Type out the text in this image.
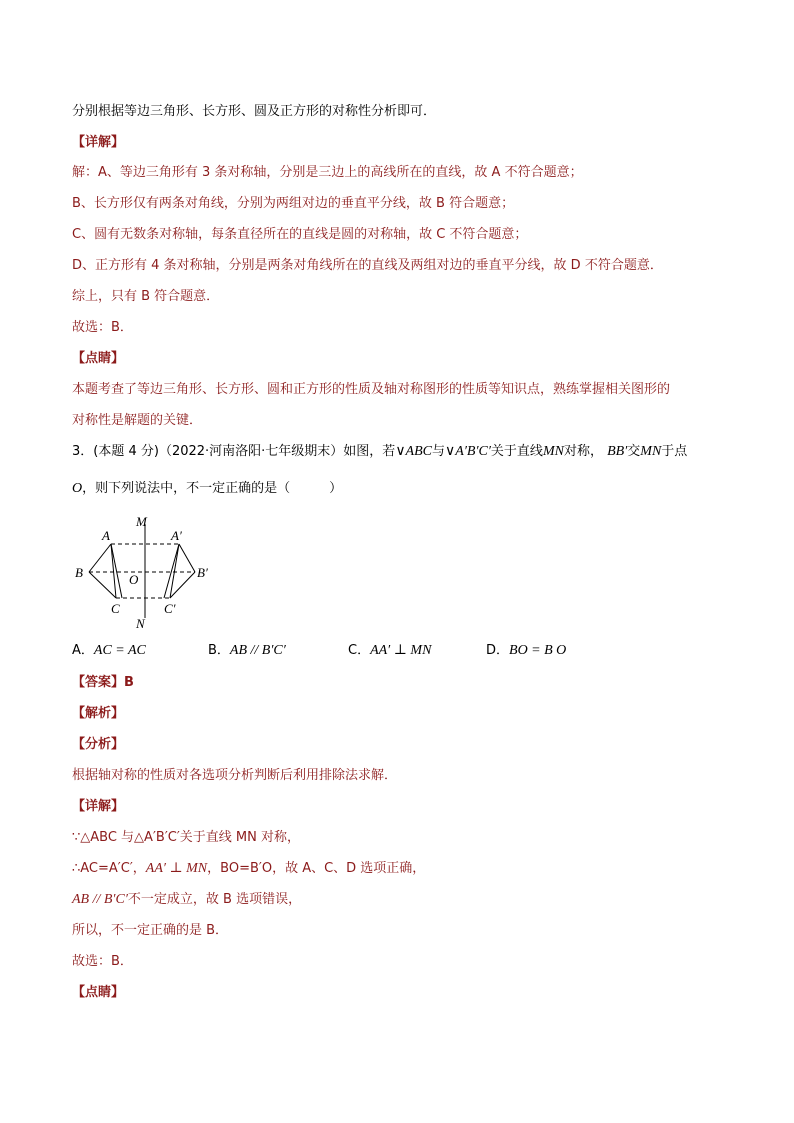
分别根据等边三角形、长方形、圆及正方形的对称性分析即可．
【详解】
解：A、等边三角形有 3 条对称轴，分别是三边上的高线所在的直线，故 A 不符合题意；
B、长方形仅有两条对角线，分别为两组对边的垂直平分线，故 B 符合题意；
C、圆有无数条对称轴，每条直径所在的直线是圆的对称轴，故 C 不符合题意；
D、正方形有 4 条对称轴，分别是两条对角线所在的直线及两组对边的垂直平分线，故 D 不符合题意．
综上，只有 B 符合题意．
故选：B．
【点睛】
本题考查了等边三角形、长方形、圆和正方形的性质及轴对称图形的性质等知识点，熟练掌握相关图形的
对称性是解题的关键．
3．(本题 4 分)（2022·河南洛阳·七年级期末）如图，若∨ABC与∨A′B′C′关于直线MN对称， BB′交MN于点
O，则下列说法中，不一定正确的是（　　　）
M
N
A	A′
B	B′
C	C′
O
A．AC = AC	B．AB // B′C′	C．AA′ ⊥ MN	D．BO = B O
【答案】B
【解析】
【分析】
根据轴对称的性质对各选项分析判断后利用排除法求解．
【详解】
∵△ABC 与△A′B′C′关于直线 MN 对称，
∴AC=A′C′，AA′ ⊥ MN，BO=B′O，故 A、C、D 选项正确，
AB // B′C′不一定成立，故 B 选项错误，
所以，不一定正确的是 B．
故选：B．
【点睛】
